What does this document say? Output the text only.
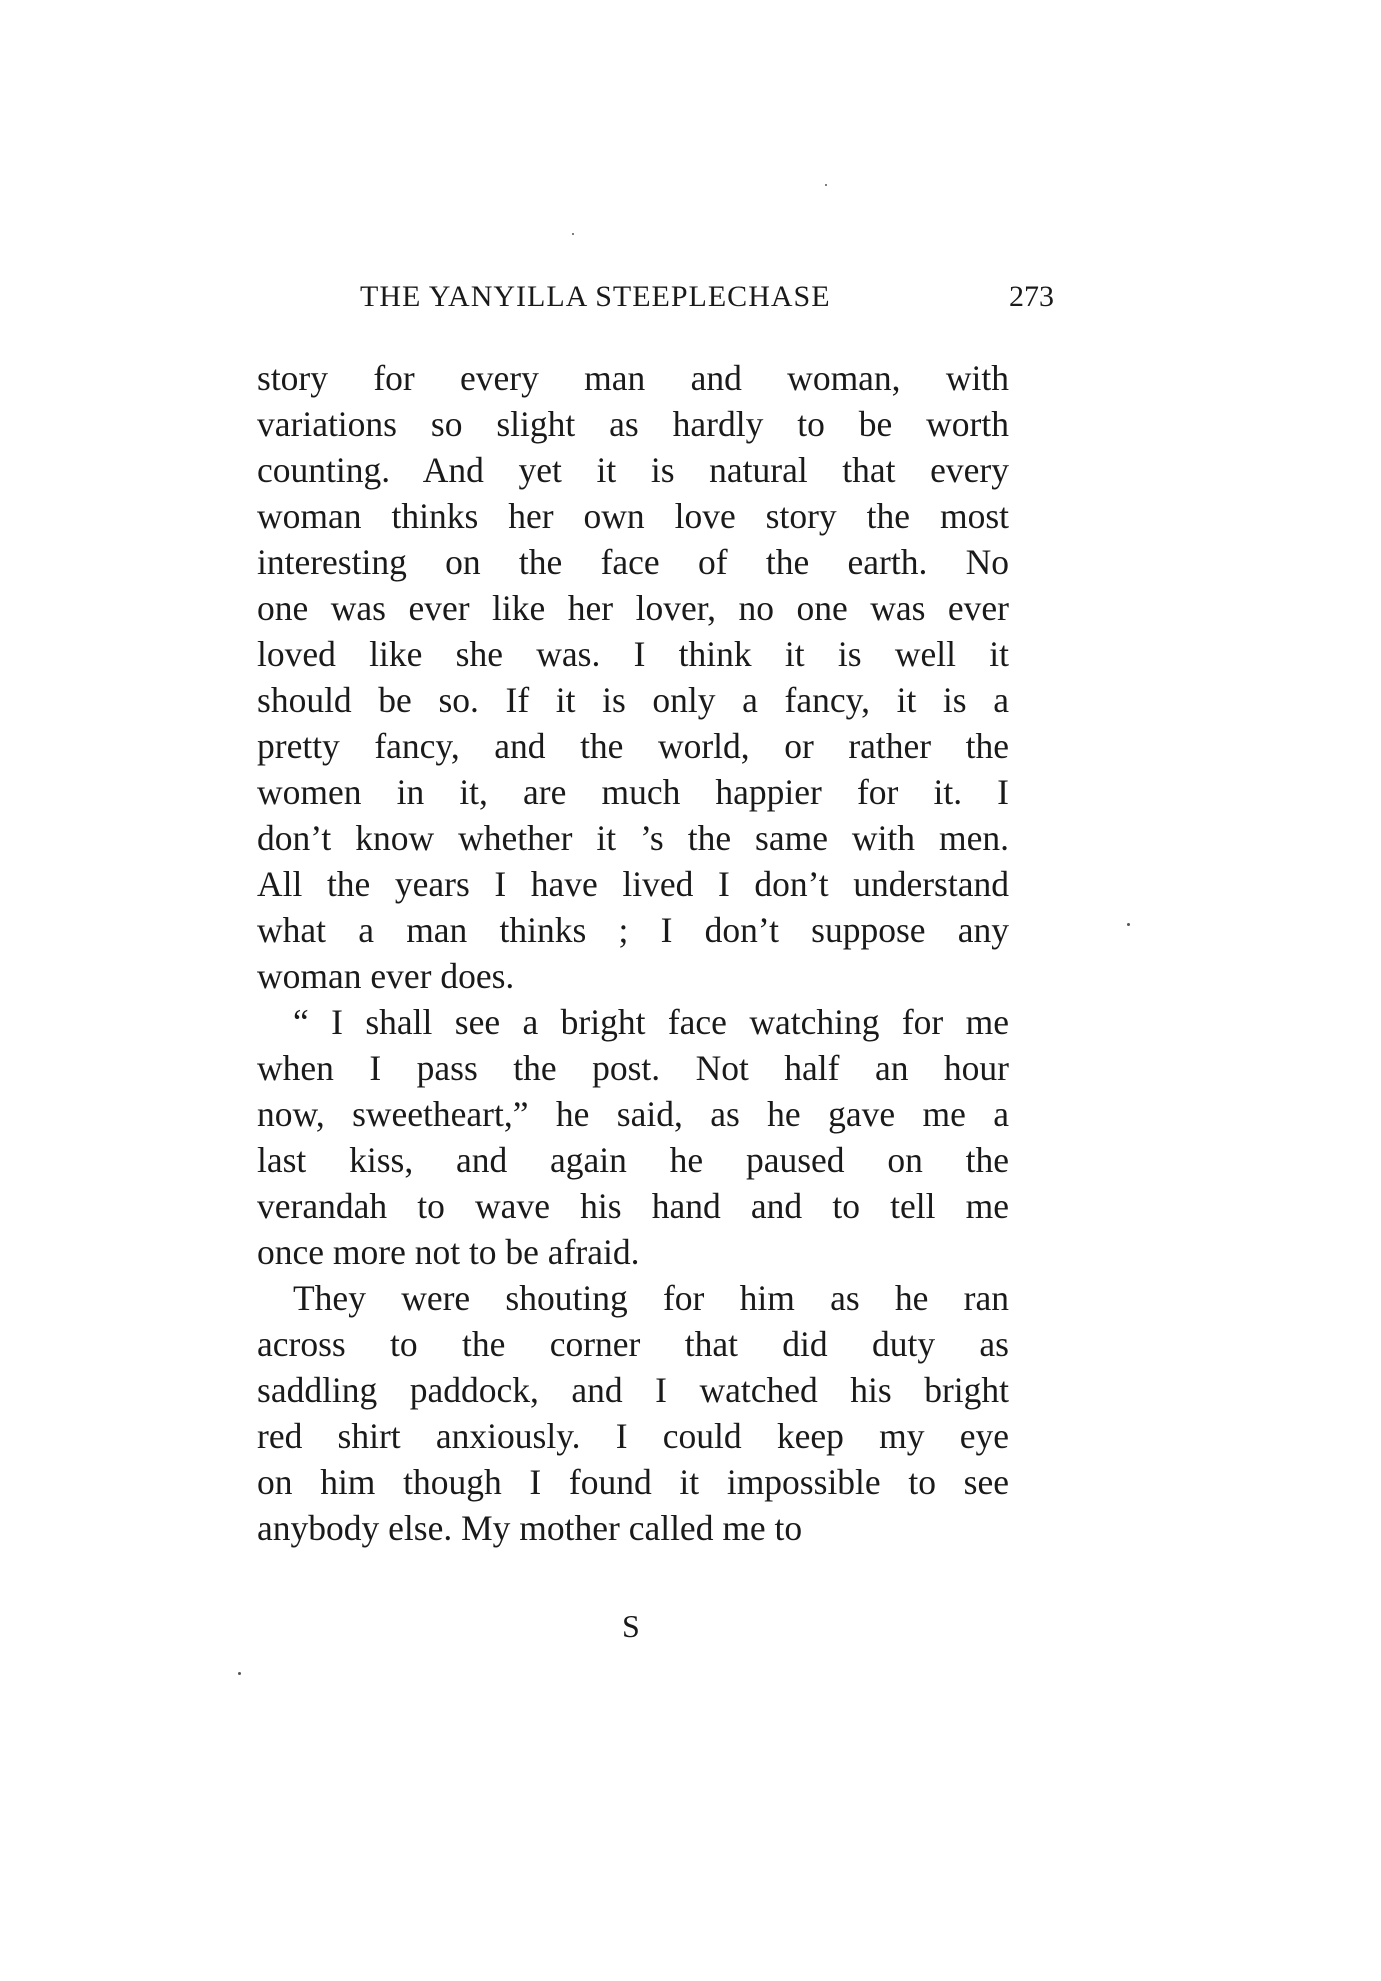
THE YANYILLA STEEPLECHASE	273
story for every man and woman, with
variations so slight as hardly to be worth
counting. And yet it is natural that every
woman thinks her own love story the most
interesting on the face of the earth. No
one was ever like her lover, no one was ever
loved like she was. I think it is well it
should be so. If it is only a fancy, it is a
pretty fancy, and the world, or rather the
women in it, are much happier for it. I
don’t know whether it ’s the same with men.
All the years I have lived I don’t understand
what a man thinks ; I don’t suppose any
woman ever does.
“ I shall see a bright face watching for me
when I pass the post. Not half an hour
now, sweetheart,” he said, as he gave me a
last kiss, and again he paused on the
verandah to wave his hand and to tell me
once more not to be afraid.
They were shouting for him as he ran
across to the corner that did duty as
saddling paddock, and I watched his bright
red shirt anxiously. I could keep my eye
on him though I found it impossible to see
anybody else. My mother called me to
S
